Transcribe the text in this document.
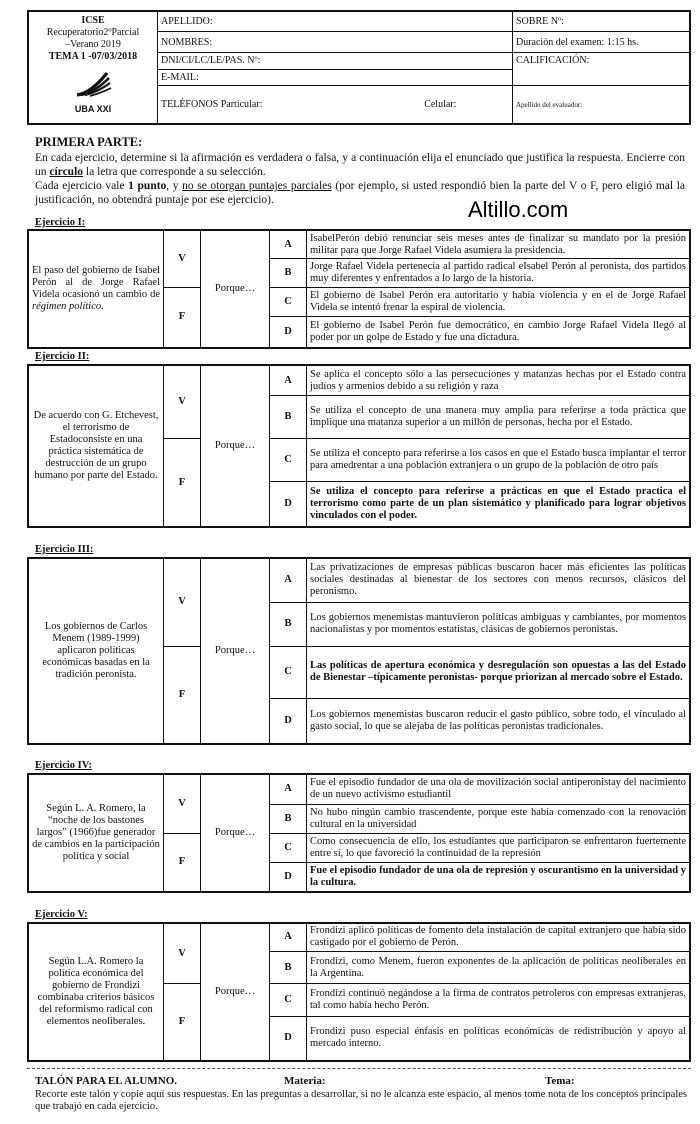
ICSE
Recuperatorio2ºParcial
–Verano 2019
TEMA 1 -07/03/2018
UBA XXI	APELLIDO:		SOBRE Nº:
	NOMBRES:		Duración del examen: 1:15 hs.
	DNI/CI/LC/LE/PAS. Nº:		CALIFICACIÓN:
	E-MAIL:		
	TELÉFONOS Particular:	Celular:	Apellido del evaluador:
PRIMERA PARTE:
En cada ejercicio, determine si la afirmación es verdadera o falsa, y a continuación elija el enunciado que justifica la respuesta. Encierre con un círculo la letra que corresponde a su selección.
Cada ejercicio vale 1 punto, y no se otorgan puntajes parciales (por ejemplo, si usted respondió bien la parte del V o F, pero eligió mal la justificación, no obtendrá puntaje por ese ejercicio).	Altillo.com
Ejercicio I:
El paso del gobierno de Isabel Perón al de Jorge Rafael Videla ocasionó un cambio de régimen político.	V	Porque…	A	IsabelPerón debió renunciar seis meses antes de finalizar su mandato por la presión militar para que Jorge Rafael Videla asumiera la presidencia.
			B	Jorge Rafael Videla pertenecía al partido radical eIsabel Perón al peronista, dos partidos muy diferentes y enfrentados a lo largo de la historia.
	F		C	El gobierno de Isabel Perón era autoritario y había violencia y en el de Jorge Rafael Videla se intentó frenar la espiral de violencia.
			D	El gobierno de Isabel Perón fue democrático, en cambio Jorge Rafael Videla llegó al poder por un golpe de Estado y fue una dictadura.
Ejercicio II:
De acuerdo con G. Etchevest, el terrorismo de Estadoconsiste en una práctica sistemática de destrucción de un grupo humano por parte del Estado.	V	Porque…	A	Se aplica el concepto sólo a las persecuciones y matanzas hechas por el Estado contra judíos y armenios debido a su religión y raza
			B	Se utiliza el concepto de una manera muy amplia para referirse a toda práctica que implique una matanza superior a un millón de personas, hecha por el Estado.
	F		C	Se utiliza el concepto para referirse a los casos en que el Estado busca implantar el terror para amedrentar a una población extranjera o un grupo de la población de otro país
			D	Se utiliza el concepto para referirse a prácticas en que el Estado practica el terrorismo como parte de un plan sistemático y planificado para lograr objetivos vinculados con el poder.
Ejercicio III:
Los gobiernos de Carlos Menem (1989-1999) aplicaron políticas económicas basadas en la tradición peronista.	V	Porque…	A	Las privatizaciones de empresas públicas buscaron hacer más eficientes las políticas sociales destinadas al bienestar de los sectores con menos recursos, clásicos del peronismo.
			B	Los gobiernos menemistas mantuvieron políticas ambiguas y cambiantes, por momentos nacionalistas y por momentos estatistas, clásicas de gobiernos peronistas.
	F		C	Las políticas de apertura económica y desregulación son opuestas a las del Estado de Bienestar –típicamente peronistas- porque priorizan al mercado sobre el Estado.
			D	Los gobiernos menemistas buscaron reducir el gasto público, sobre todo, el vinculado al gasto social, lo que se alejaba de las políticas peronistas tradicionales.
Ejercicio IV:
Según L. A. Romero, la “noche de los bastones largos” (1966)fue generador de cambios en la participación política y social	V	Porque…	A	Fue el episodio fundador de una ola de movilización social antiperonistay del nacimiento de un nuevo activismo estudiantil
			B	No hubo ningún cambio trascendente, porque este había comenzado con la renovación cultural en la universidad
	F		C	Como consecuencia de ello, los estudiantes que participaron se enfrentaron fuertemente entre sí, lo que favoreció la continuidad de la represión
			D	Fue el episodio fundador de una ola de represión y oscurantismo en la universidad y la cultura.
Ejercicio V:
Según L.A. Romero la política económica del gobierno de Frondizi combinaba criterios básicos del reformismo radical con elementos neoliberales.	V	Porque…	A	Frondizi aplicó políticas de fomento dela instalación de capital extranjero que había sido castigado por el gobierno de Perón.
			B	Frondizi, como Menem, fueron exponentes de la aplicación de políticas neoliberales en la Argentina.
	F		C	Frondizi continuó negándose a la firma de contratos petroleros con empresas extranjeras, tal como había hecho Perón.
			D	Frondizi puso especial énfasis en políticas económicas de redistribución y apoyo al mercado interno.
TALÓN PARA EL ALUMNO.	Materia:	Tema:
Recorte este talón y copie aquí sus respuestas. En las preguntas a desarrollar, si no le alcanza este espacio, al menos tome nota de los conceptos principales que trabajó en cada ejercicio.
